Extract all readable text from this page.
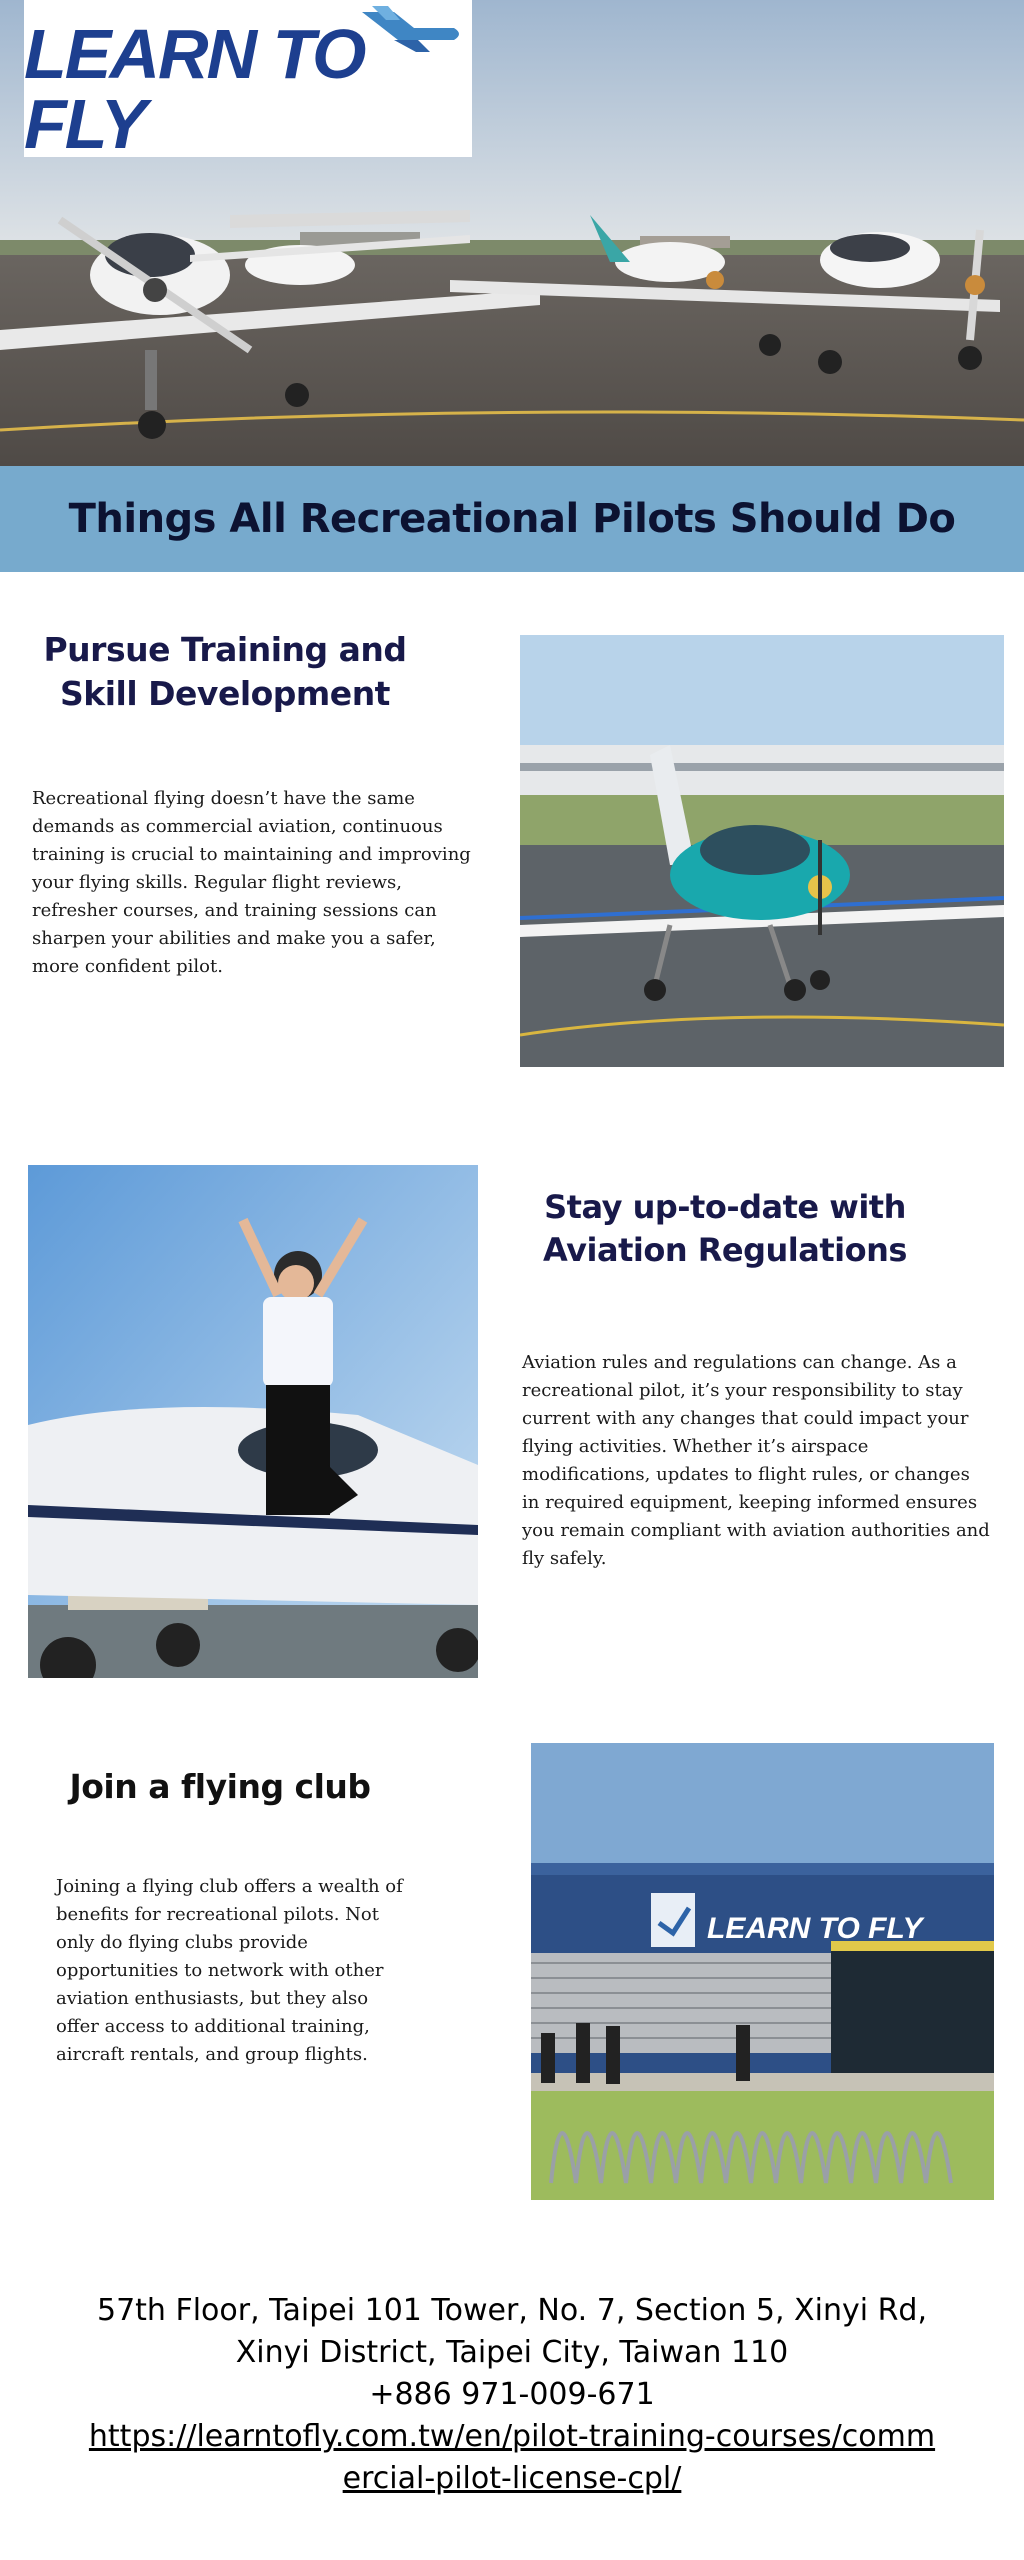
LEARN TO FLY
Things All Recreational Pilots Should Do
Pursue Training and Skill Development

Recreational flying doesn’t have the same demands as commercial aviation, continuous training is crucial to maintaining and improving your flying skills. Regular flight reviews, refresher courses, and training sessions can sharpen your abilities and make you a safer, more confident pilot.

Stay up-to-date with Aviation Regulations

Aviation rules and regulations can change. As a recreational pilot, it’s your responsibility to stay current with any changes that could impact your flying activities. Whether it’s airspace modifications, updates to flight rules, or changes in required equipment, keeping informed ensures you remain compliant with aviation authorities and fly safely.

Join a flying club

Joining a flying club offers a wealth of benefits for recreational pilots. Not only do flying clubs provide opportunities to network with other aviation enthusiasts, but they also offer access to additional training, aircraft rentals, and group flights.

LEARN TO FLY
57th Floor, Taipei 101 Tower, No. 7, Section 5, Xinyi Rd, Xinyi District, Taipei City, Taiwan 110
+886 971-009-671
https://learntofly.com.tw/en/pilot-training-courses/commercial-pilot-license-cpl/
